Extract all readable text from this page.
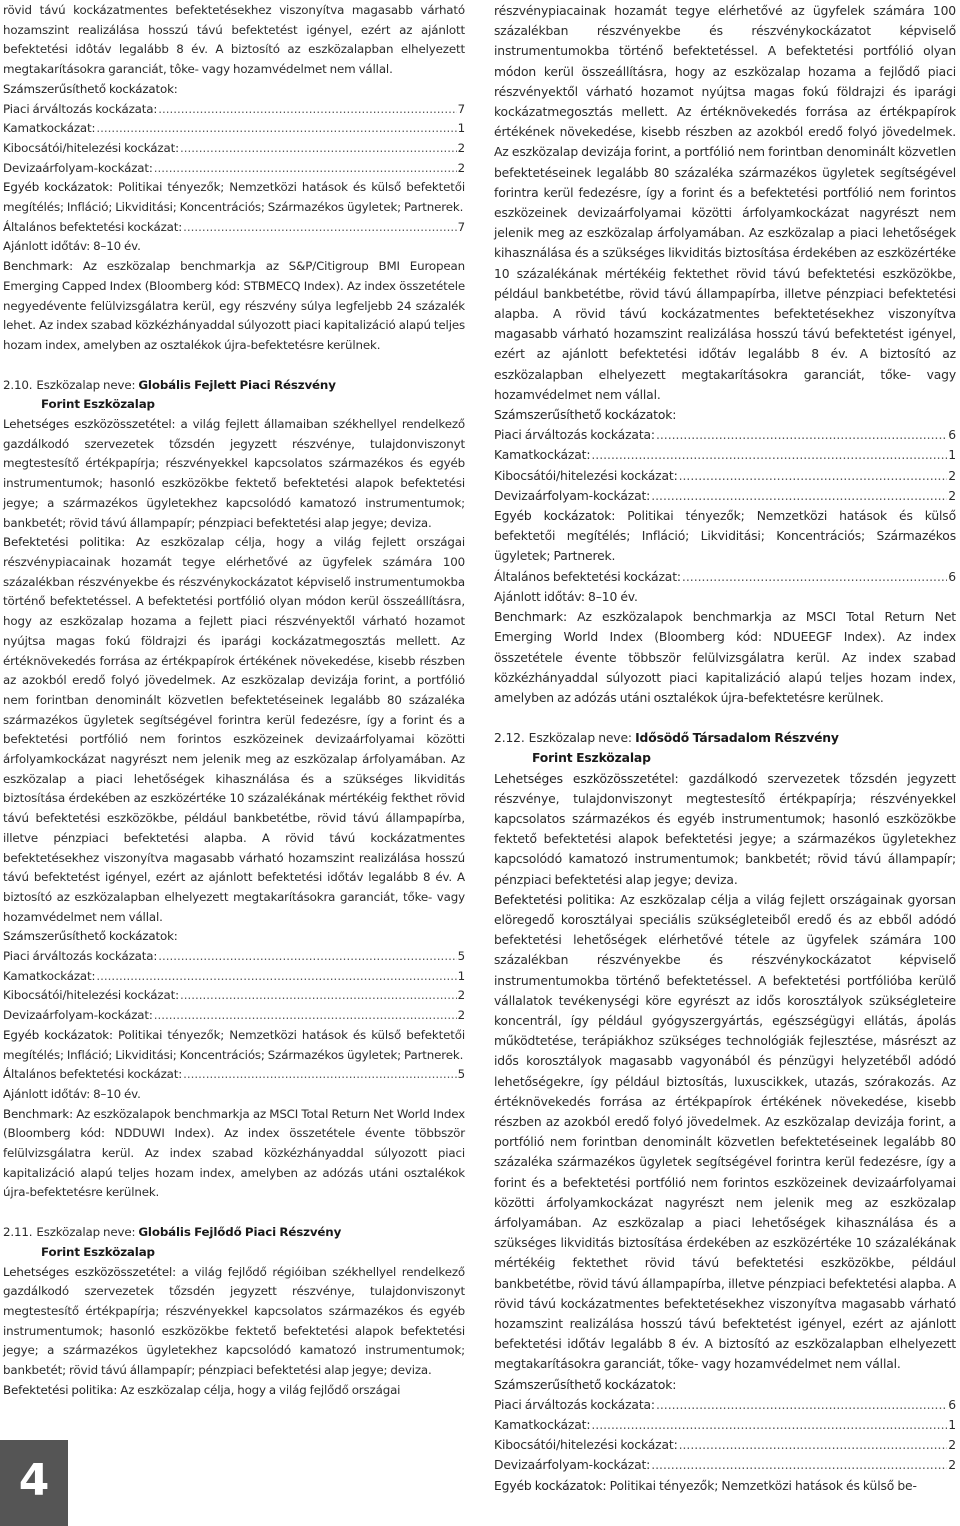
rövid távú kockázatmentes befektetésekhez viszonyítva magasabb várható hozamszint realizálása hosszú távú befektetést igényel, ezért az ajánlott befektetési idôtáv legalább 8 év. A biztosító az eszközalapban elhelyezett megtakarításokra garanciát, tôke- vagy hozamvédelmet nem vállal.

Számszerűsíthető kockázatok:

Piaci árváltozás kockázata: .....	7
Kamatkockázat: .....	1
Kibocsátói/hitelezési kockázat: .....	2
Devizaárfolyam-kockázat: .....	2

Egyéb kockázatok: Politikai tényezők; Nemzetközi hatások és külső befektetői megítélés; Infláció; Likviditási; Koncentrációs; Származékos ügyletek; Partnerek.

Általános befektetési kockázat: .....	7

Ajánlott időtáv: 8–10 év.

Benchmark: Az eszközalap benchmarkja az S&P/Citigroup BMI European Emerging Capped Index (Bloomberg kód: STBMECQ Index). Az index összetétele negyedévente felülvizsgálatra kerül, egy részvény súlya legfeljebb 24 százalék lehet. Az index szabad közkézhányaddal súlyozott piaci kapitalizáció alapú teljes hozam index, amelyben az osztalékok újra-befektetésre kerülnek.

2.10. Eszközalap neve: Globális Fejlett Piaci Részvény

Forint Eszközalap

Lehetséges eszközösszetétel: a világ fejlett államaiban székhellyel rendelkező gazdálkodó szervezetek tőzsdén jegyzett részvénye, tulajdonviszonyt megtestesítő értékpapírja; részvényekkel kapcsolatos származékos és egyéb instrumentumok; hasonló eszközökbe fektető befektetési alapok befektetési jegye; a származékos ügyletekhez kapcsolódó kamatozó instrumentumok; bankbetét; rövid távú állampapír; pénzpiaci befektetési alap jegye; deviza.

Befektetési politika: Az eszközalap célja, hogy a világ fejlett országai részvénypiacainak hozamát tegye elérhetővé az ügyfelek számára 100 százalékban részvényekbe és részvénykockázatot képviselő instrumentumokba történő befektetéssel. A befektetési portfólió olyan módon kerül összeállításra, hogy az eszközalap hozama a fejlett piaci részvényektől várható hozamot nyújtsa magas fokú földrajzi és iparági kockázatmegosztás mellett. Az értéknövekedés forrása az értékpapírok értékének növekedése, kisebb részben az azokból eredő folyó jövedelmek. Az eszközalap devizája forint, a portfólió nem forintban denominált közvetlen befektetéseinek legalább 80 százaléka származékos ügyletek segítségével forintra kerül fedezésre, így a forint és a befektetési portfólió nem forintos eszközeinek devizaárfolyamai közötti árfolyamkockázat nagyrészt nem jelenik meg az eszközalap árfolyamában. Az eszközalap a piaci lehetőségek kihasználása és a szükséges likviditás biztosítása érdekében az eszközértéke 10 százalékának mértékéig fekthet rövid távú befektetési eszközökbe, például bankbetétbe, rövid távú állampapírba, illetve pénzpiaci befektetési alapba. A rövid távú kockázatmentes befektetésekhez viszonyítva magasabb várható hozamszint realizálása hosszú távú befektetést igényel, ezért az ajánlott befektetési időtáv legalább 8 év. A biztosító az eszközalapban elhelyezett megtakarításokra garanciát, tőke- vagy hozamvédelmet nem vállal.

Számszerűsíthető kockázatok:

Piaci árváltozás kockázata: .....	5
Kamatkockázat: .....	1
Kibocsátói/hitelezési kockázat: .....	2
Devizaárfolyam-kockázat: .....	2

Egyéb kockázatok: Politikai tényezők; Nemzetközi hatások és külső befektetői megítélés; Infláció; Likviditási; Koncentrációs; Származékos ügyletek; Partnerek.

Általános befektetési kockázat: .....	5

Ajánlott időtáv: 8–10 év.

Benchmark: Az eszközalapok benchmarkja az MSCI Total Return Net World Index (Bloomberg kód: NDDUWI Index). Az index összetétele évente többször felülvizsgálatra kerül. Az index szabad közkézhányaddal súlyozott piaci kapitalizáció alapú teljes hozam index, amelyben az adózás utáni osztalékok újra-befektetésre kerülnek.

2.11. Eszközalap neve: Globális Fejlődő Piaci Részvény

Forint Eszközalap

Lehetséges eszközösszetétel: a világ fejlődő régióiban székhellyel rendelkező gazdálkodó szervezetek tőzsdén jegyzett részvénye, tulajdonviszonyt megtestesítő értékpapírja; részvényekkel kapcsolatos származékos és egyéb instrumentumok; hasonló eszközökbe fektető befektetési alapok befektetési jegye; a származékos ügyletekhez kapcsolódó kamatozó instrumentumok; bankbetét; rövid távú állampapír; pénzpiaci befektetési alap jegye; deviza.

Befektetési politika: Az eszközalap célja, hogy a világ fejlődő országai

részvénypiacainak hozamát tegye elérhetővé az ügyfelek számára 100 százalékban részvényekbe és részvénykockázatot képviselő instrumentumokba történő befektetéssel. A befektetési portfólió olyan módon kerül összeállításra, hogy az eszközalap hozama a fejlődő piaci részvényektől várható hozamot nyújtsa magas fokú földrajzi és iparági kockázatmegosztás mellett. Az értéknövekedés forrása az értékpapírok értékének növekedése, kisebb részben az azokból eredő folyó jövedelmek. Az eszközalap devizája forint, a portfólió nem forintban denominált közvetlen befektetéseinek legalább 80 százaléka származékos ügyletek segítségével forintra kerül fedezésre, így a forint és a befektetési portfólió nem forintos eszközeinek devizaárfolyamai közötti árfolyamkockázat nagyrészt nem jelenik meg az eszközalap árfolyamában. Az eszközalap a piaci lehetőségek kihasználása és a szükséges likviditás biztosítása érdekében az eszközértéke 10 százalékának mértékéig fektethet rövid távú befektetési eszközökbe, például bankbetétbe, rövid távú állampapírba, illetve pénzpiaci befektetési alapba. A rövid távú kockázatmentes befektetésekhez viszonyítva magasabb várható hozamszint realizálása hosszú távú befektetést igényel, ezért az ajánlott befektetési időtáv legalább 8 év. A biztosító az eszközalapban elhelyezett megtakarításokra garanciát, tőke- vagy hozamvédelmet nem vállal.

Számszerűsíthető kockázatok:

Piaci árváltozás kockázata: .....	6
Kamatkockázat: .....	1
Kibocsátói/hitelezési kockázat: .....	2
Devizaárfolyam-kockázat: .....	2

Egyéb kockázatok: Politikai tényezők; Nemzetközi hatások és külső befektetői megítélés; Infláció; Likviditási; Koncentrációs; Származékos ügyletek; Partnerek.

Általános befektetési kockázat: .....	6

Ajánlott időtáv: 8–10 év.

Benchmark: Az eszközalapok benchmarkja az MSCI Total Return Net Emerging World Index (Bloomberg kód: NDUEEGF Index). Az index összetétele évente többször felülvizsgálatra kerül. Az index szabad közkézhányaddal súlyozott piaci kapitalizáció alapú teljes hozam index, amelyben az adózás utáni osztalékok újra-befektetésre kerülnek.

2.12. Eszközalap neve: Idősödő Társadalom Részvény

Forint Eszközalap

Lehetséges eszközösszetétel: gazdálkodó szervezetek tőzsdén jegyzett részvénye, tulajdonviszonyt megtestesítő értékpapírja; részvényekkel kapcsolatos származékos és egyéb instrumentumok; hasonló eszközökbe fektető befektetési alapok befektetési jegye; a származékos ügyletekhez kapcsolódó kamatozó instrumentumok; bankbetét; rövid távú állampapír; pénzpiaci befektetési alap jegye; deviza.

Befektetési politika: Az eszközalap célja a világ fejlett országainak gyorsan elöregedő korosztályai speciális szükségleteiből eredő és az ebből adódó befektetési lehetőségek elérhetővé tétele az ügyfelek számára 100 százalékban részvényekbe és részvénykockázatot képviselő instrumentumokba történő befektetéssel. A befektetési portfólióba kerülő vállalatok tevékenységi köre egyrészt az idős korosztályok szükségleteire koncentrál, így például gyógyszergyártás, egészségügyi ellátás, ápolás működtetése, terápiákhoz szükséges technológiák fejlesztése, másrészt az idős korosztályok magasabb vagyonából és pénzügyi helyzetéből adódó lehetőségekre, így például biztosítás, luxuscikkek, utazás, szórakozás. Az értéknövekedés forrása az értékpapírok értékének növekedése, kisebb részben az azokból eredő folyó jövedelmek. Az eszközalap devizája forint, a portfólió nem forintban denominált közvetlen befektetéseinek legalább 80 százaléka származékos ügyletek segítségével forintra kerül fedezésre, így a forint és a befektetési portfólió nem forintos eszközeinek devizaárfolyamai közötti árfolyamkockázat nagyrészt nem jelenik meg az eszközalap árfolyamában. Az eszközalap a piaci lehetőségek kihasználása és a szükséges likviditás biztosítása érdekében az eszközértéke 10 százalékának mértékéig fektethet rövid távú befektetési eszközökbe, például bankbetétbe, rövid távú állampapírba, illetve pénzpiaci befektetési alapba. A rövid távú kockázatmentes befektetésekhez viszonyítva magasabb várható hozamszint realizálása hosszú távú befektetést igényel, ezért az ajánlott befektetési időtáv legalább 8 év. A biztosító az eszközalapban elhelyezett megtakarításokra garanciát, tőke- vagy hozamvédelmet nem vállal.

Számszerűsíthető kockázatok:

Piaci árváltozás kockázata: .....	6
Kamatkockázat: .....	1
Kibocsátói/hitelezési kockázat: .....	2
Devizaárfolyam-kockázat: .....	2

Egyéb kockázatok: Politikai tényezők; Nemzetközi hatások és külső be-

4
